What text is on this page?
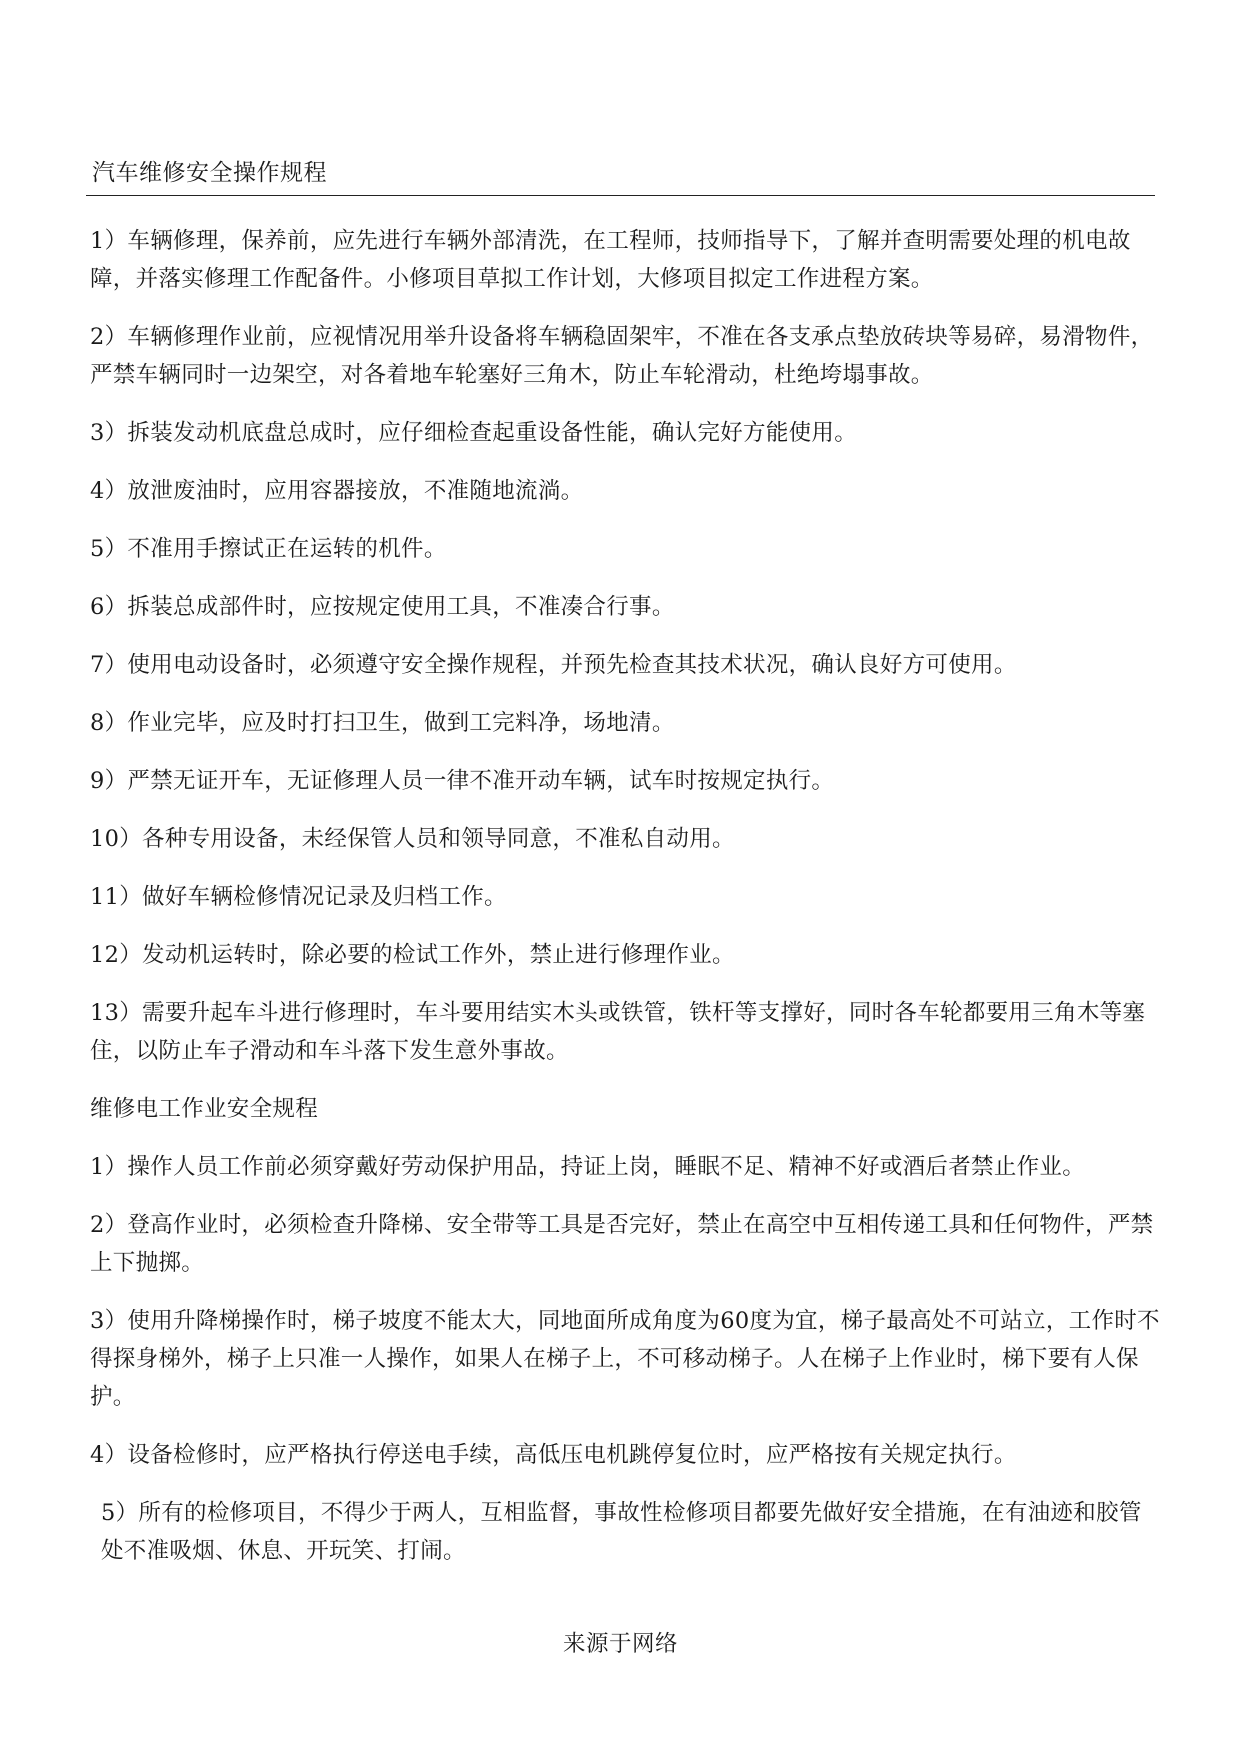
汽车维修安全操作规程

1）车辆修理，保养前，应先进行车辆外部清洗，在工程师，技师指导下，了解并查明需要处理的机电故障，并落实修理工作配备件。小修项目草拟工作计划，大修项目拟定工作进程方案。

2）车辆修理作业前，应视情况用举升设备将车辆稳固架牢，不准在各支承点垫放砖块等易碎，易滑物件，严禁车辆同时一边架空，对各着地车轮塞好三角木，防止车轮滑动，杜绝垮塌事故。

3）拆装发动机底盘总成时，应仔细检查起重设备性能，确认完好方能使用。

4）放泄废油时，应用容器接放，不准随地流淌。

5）不准用手擦试正在运转的机件。

6）拆装总成部件时，应按规定使用工具，不准凑合行事。

7）使用电动设备时，必须遵守安全操作规程，并预先检查其技术状况，确认良好方可使用。

8）作业完毕，应及时打扫卫生，做到工完料净，场地清。

9）严禁无证开车，无证修理人员一律不准开动车辆，试车时按规定执行。

10）各种专用设备，未经保管人员和领导同意，不准私自动用。

11）做好车辆检修情况记录及归档工作。

12）发动机运转时，除必要的检试工作外，禁止进行修理作业。

13）需要升起车斗进行修理时，车斗要用结实木头或铁管，铁杆等支撑好，同时各车轮都要用三角木等塞住，以防止车子滑动和车斗落下发生意外事故。

维修电工作业安全规程

1）操作人员工作前必须穿戴好劳动保护用品，持证上岗，睡眠不足、精神不好或酒后者禁止作业。

2）登高作业时，必须检查升降梯、安全带等工具是否完好，禁止在高空中互相传递工具和任何物件，严禁上下抛掷。

3）使用升降梯操作时，梯子坡度不能太大，同地面所成角度为60度为宜，梯子最高处不可站立，工作时不得探身梯外，梯子上只准一人操作，如果人在梯子上，不可移动梯子。人在梯子上作业时，梯下要有人保护。

4）设备检修时，应严格执行停送电手续，高低压电机跳停复位时，应严格按有关规定执行。

5）所有的检修项目，不得少于两人，互相监督，事故性检修项目都要先做好安全措施，在有油迹和胶管处不准吸烟、休息、开玩笑、打闹。

来源于网络
